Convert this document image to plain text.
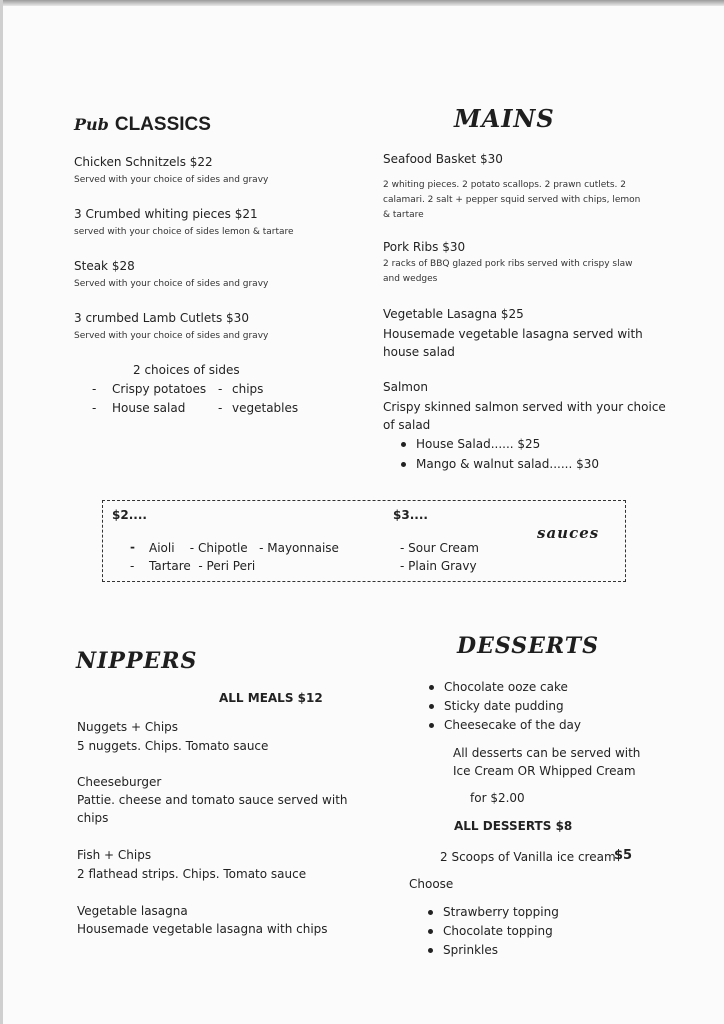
Pub CLASSICS
Chicken Schnitzels $22
Served with your choice of sides and gravy
3 Crumbed whiting pieces $21
served with your choice of sides lemon & tartare
Steak $28
Served with your choice of sides and gravy
3 crumbed Lamb Cutlets $30
Served with your choice of sides and gravy
2 choices of sides
- Crispy potatoes - chips
- House salad	- vegetables
MAINS
Seafood Basket $30
2 whiting pieces. 2 potato scallops. 2 prawn cutlets. 2
calamari. 2 salt + pepper squid served with chips, lemon
& tartare
Pork Ribs $30
2 racks of BBQ glazed pork ribs served with crispy slaw
and wedges
Vegetable Lasagna $25
Housemade vegetable lasagna served with
house salad
Salmon
Crispy skinned salmon served with your choice
of salad
House Salad...... $25
Mango & walnut salad...... $30
$2....	$3....
sauces
- Aioli    - Chipotle   - Mayonnaise
- Tartare  - Peri Peri
- Sour Cream
- Plain Gravy
NIPPERS
ALL MEALS $12
Nuggets + Chips
5 nuggets. Chips. Tomato sauce
Cheeseburger
Pattie. cheese and tomato sauce served with
chips
Fish + Chips
2 flathead strips. Chips. Tomato sauce
Vegetable lasagna
Housemade vegetable lasagna with chips
DESSERTS
Chocolate ooze cake
Sticky date pudding
Cheesecake of the day
All desserts can be served with
Ice Cream OR Whipped Cream
for $2.00
ALL DESSERTS $8
2 Scoops of Vanilla ice cream
$5
Choose
Strawberry topping
Chocolate topping
Sprinkles
